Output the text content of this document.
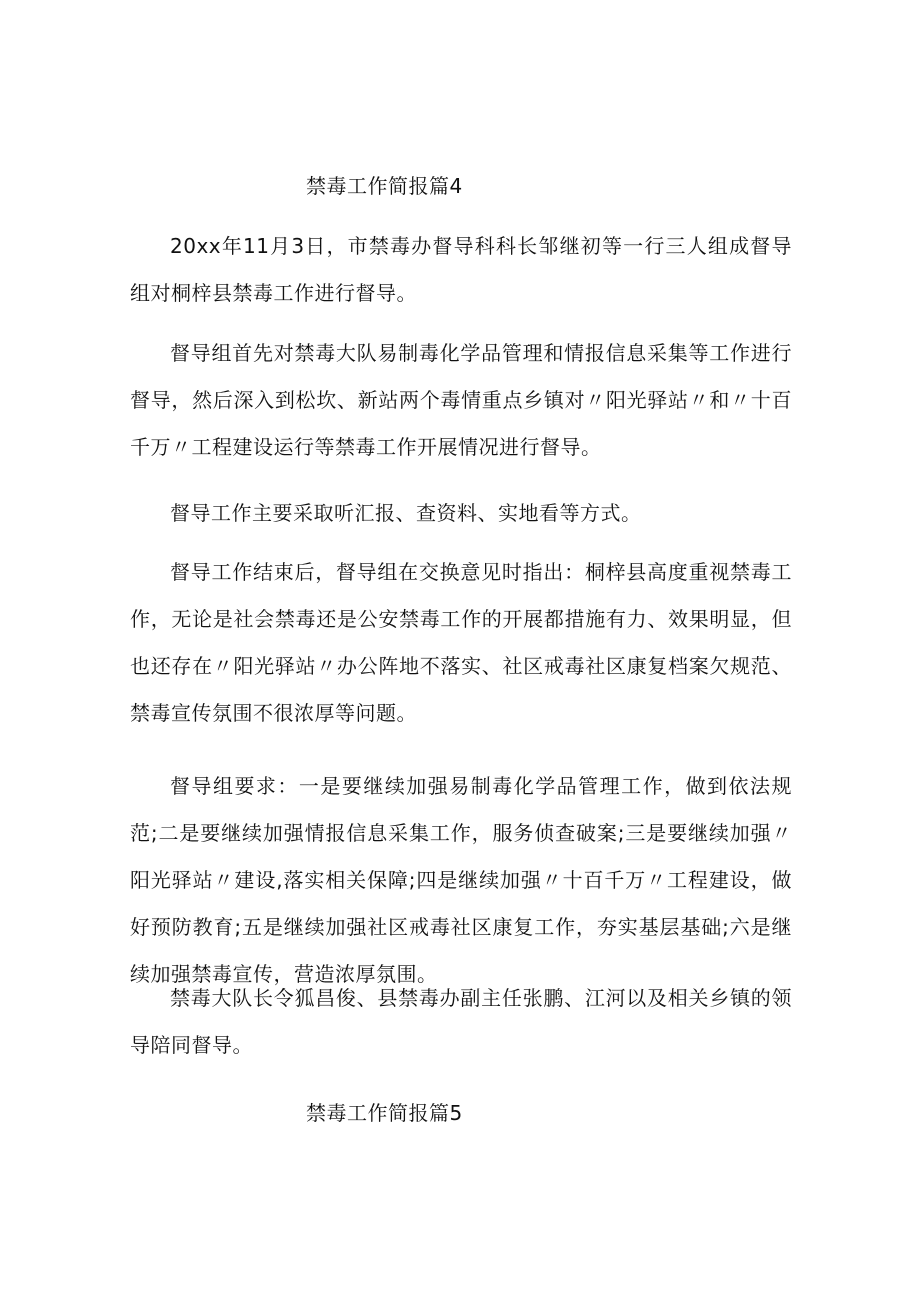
禁毒工作简报篇4

20xx年11月3日，市禁毒办督导科科长邹继初等一行三人组成督导组对桐梓县禁毒工作进行督导。

督导组首先对禁毒大队易制毒化学品管理和情报信息采集等工作进行督导，然后深入到松坎、新站两个毒情重点乡镇对〃阳光驿站〃和〃十百千万〃工程建设运行等禁毒工作开展情况进行督导。

督导工作主要采取听汇报、查资料、实地看等方式。

督导工作结束后，督导组在交换意见时指出：桐梓县高度重视禁毒工作，无论是社会禁毒还是公安禁毒工作的开展都措施有力、效果明显，但也还存在〃阳光驿站〃办公阵地不落实、社区戒毒社区康复档案欠规范、禁毒宣传氛围不很浓厚等问题。

督导组要求：一是要继续加强易制毒化学品管理工作，做到依法规范;二是要继续加强情报信息采集工作，服务侦查破案;三是要继续加强〃阳光驿站〃建设,落实相关保障;四是继续加强〃十百千万〃工程建设，做好预防教育;五是继续加强社区戒毒社区康复工作，夯实基层基础;六是继续加强禁毒宣传，营造浓厚氛围。

禁毒大队长令狐昌俊、县禁毒办副主任张鹏、江河以及相关乡镇的领导陪同督导。

禁毒工作简报篇5
